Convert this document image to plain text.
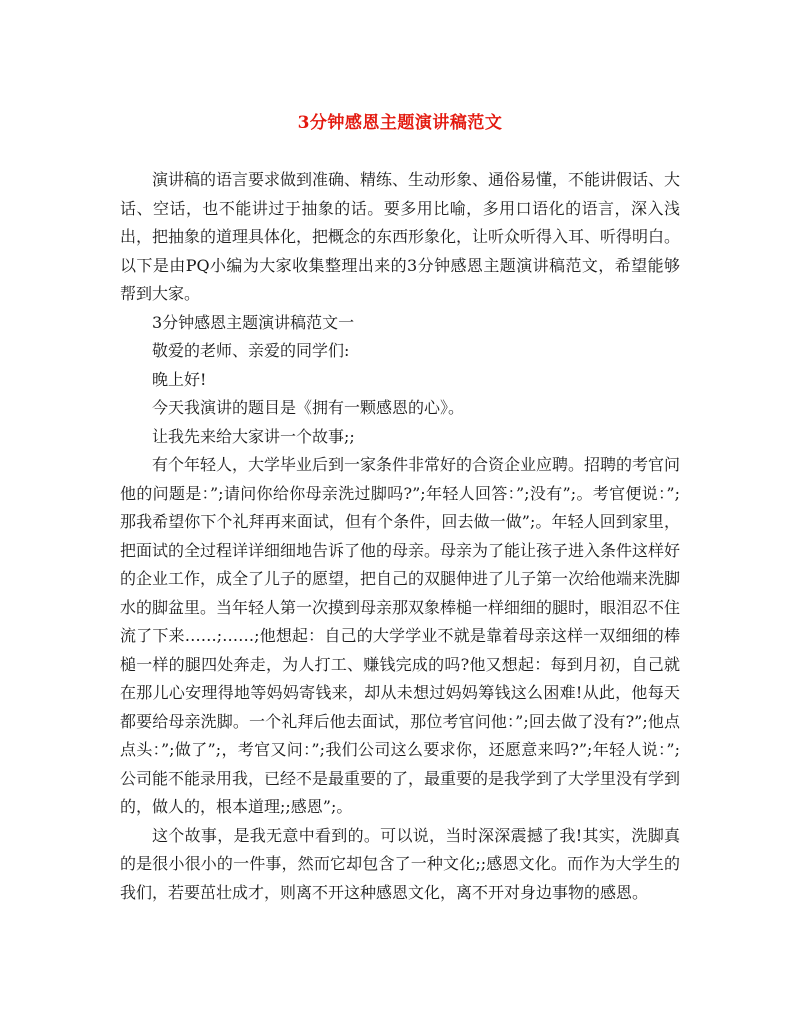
3分钟感恩主题演讲稿范文

演讲稿的语言要求做到准确、精练、生动形象、通俗易懂，不能讲假话、大话、空话，也不能讲过于抽象的话。要多用比喻，多用口语化的语言，深入浅出，把抽象的道理具体化，把概念的东西形象化，让听众听得入耳、听得明白。以下是由PQ小编为大家收集整理出来的3分钟感恩主题演讲稿范文，希望能够帮到大家。

3分钟感恩主题演讲稿范文一

敬爱的老师、亲爱的同学们:

晚上好!

今天我演讲的题目是《拥有一颗感恩的心》。

让我先来给大家讲一个故事;;

有个年轻人，大学毕业后到一家条件非常好的合资企业应聘。招聘的考官问他的问题是：”;请问你给你母亲洗过脚吗?”;年轻人回答：”;没有”;。考官便说：”;那我希望你下个礼拜再来面试，但有个条件，回去做一做”;。年轻人回到家里，把面试的全过程详详细细地告诉了他的母亲。母亲为了能让孩子进入条件这样好的企业工作，成全了儿子的愿望，把自己的双腿伸进了儿子第一次给他端来洗脚水的脚盆里。当年轻人第一次摸到母亲那双象棒槌一样细细的腿时，眼泪忍不住流了下来……;……;他想起：自己的大学学业不就是靠着母亲这样一双细细的棒槌一样的腿四处奔走，为人打工、赚钱完成的吗?他又想起：每到月初，自己就在那儿心安理得地等妈妈寄钱来，却从未想过妈妈筹钱这么困难!从此，他每天都要给母亲洗脚。一个礼拜后他去面试，那位考官问他：”;回去做了没有?”;他点点头：”;做了”;，考官又问：”;我们公司这么要求你，还愿意来吗?”;年轻人说：”;公司能不能录用我，已经不是最重要的了，最重要的是我学到了大学里没有学到的，做人的，根本道理;;感恩”;。

这个故事，是我无意中看到的。可以说，当时深深震撼了我!其实，洗脚真的是很小很小的一件事，然而它却包含了一种文化;;感恩文化。而作为大学生的我们，若要茁壮成才，则离不开这种感恩文化，离不开对身边事物的感恩。
